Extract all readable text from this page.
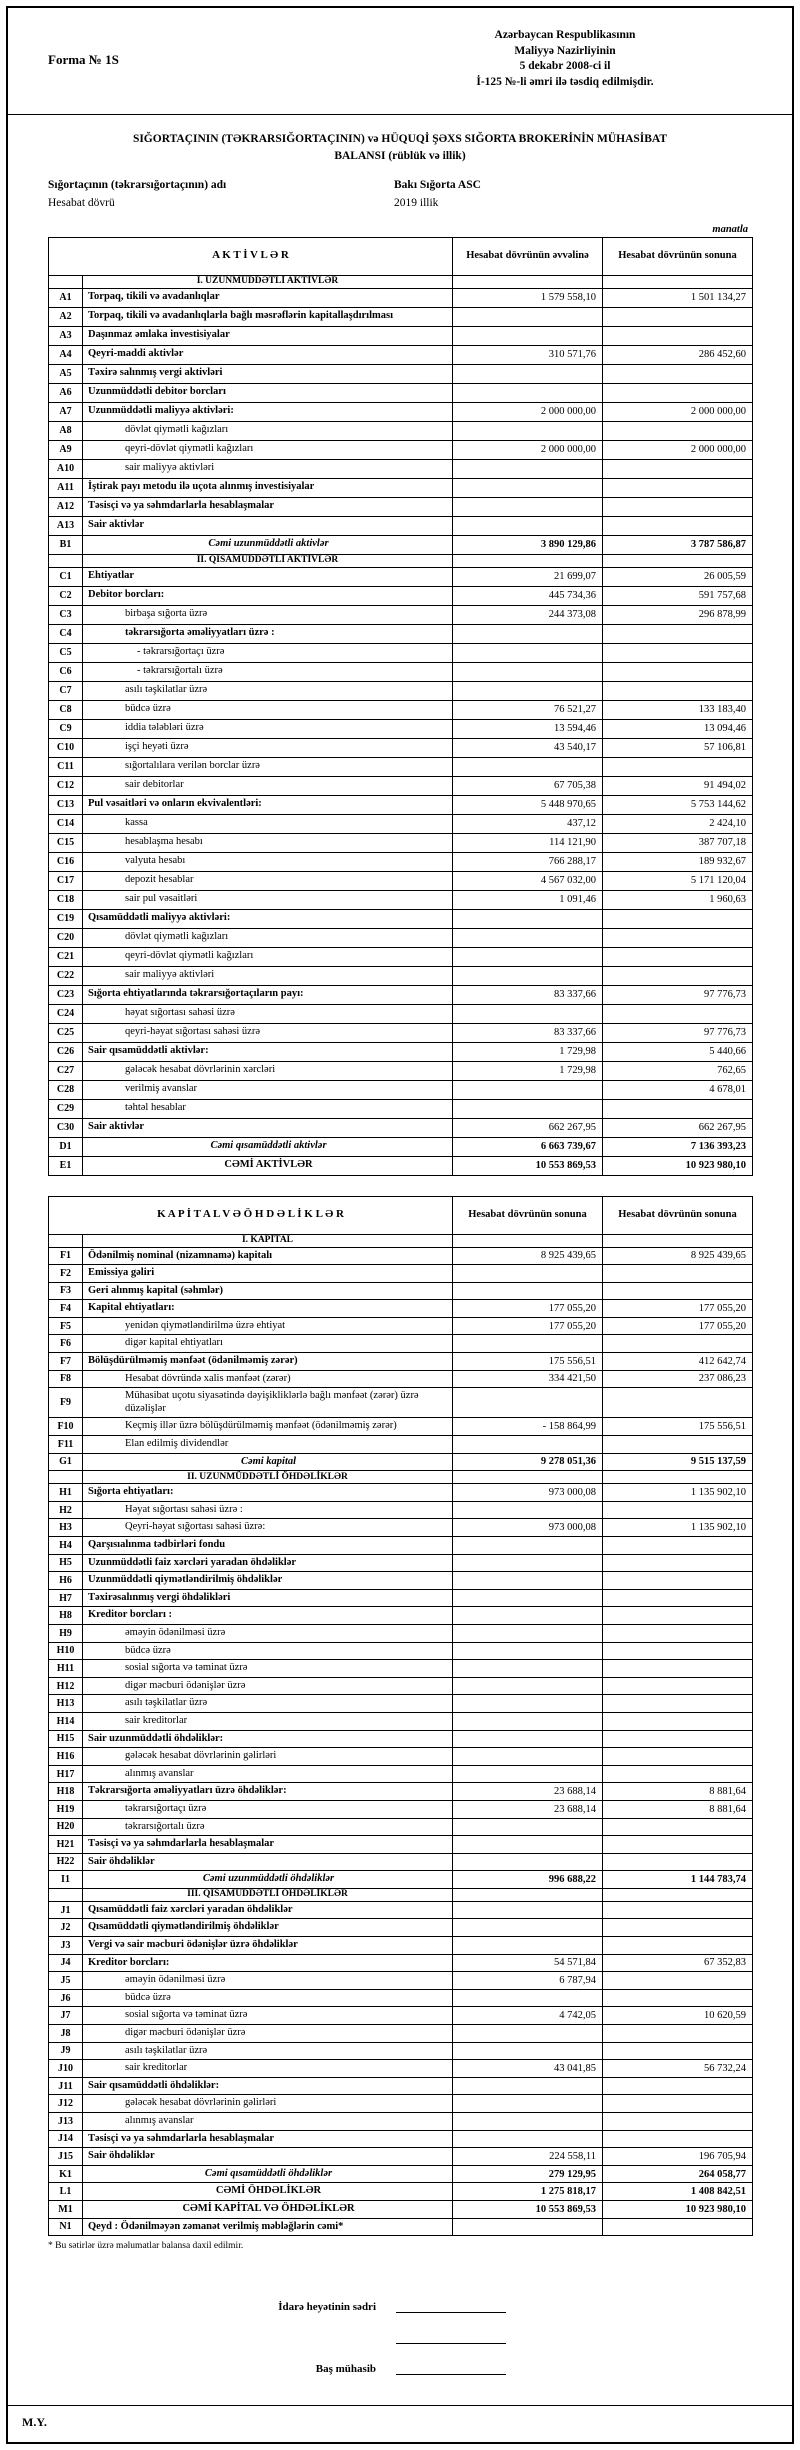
Forma № 1S
Azərbaycan Respublikasının
Maliyyə Nazirliyinin
5 dekabr 2008-ci il
İ-125 №-li əmri ilə təsdiq edilmişdir.
SIĞORTAÇININ (TƏKRARSIĞORTAÇININ) və HÜQUQİ ŞƏXS SIĞORTA BROKERİNİN MÜHASİBAT
BALANSI (rüblük və illik)
Sığortaçının (təkrarsığortaçının) adı	Bakı Sığorta ASC
Hesabat dövrü	2019 illik
manatla
A K T İ V L Ə R		Hesabat dövrünün əvvəlinə	Hesabat dövrünün sonuna
	I. UZUNMÜDDƏTLİ AKTİVLƏR		
A1	Torpaq, tikili və avadanlıqlar	1 579 558,10	1 501 134,27
A2	Torpaq, tikili və avadanlıqlarla bağlı məsrəflərin kapitallaşdırılması		
A3	Daşınmaz əmlaka investisiyalar		
A4	Qeyri-maddi aktivlər	310 571,76	286 452,60
A5	Təxirə salınmış vergi aktivləri		
A6	Uzunmüddətli debitor borcları		
A7	Uzunmüddətli maliyyə aktivləri:	2 000 000,00	2 000 000,00
A8	dövlət qiymətli kağızları		
A9	qeyri-dövlət qiymətli kağızları	2 000 000,00	2 000 000,00
A10	sair maliyyə aktivləri		
A11	İştirak payı metodu ilə uçota alınmış investisiyalar		
A12	Təsisçi və ya səhmdarlarla hesablaşmalar		
A13	Sair aktivlər		
B1	Cəmi uzunmüddətli aktivlər	3 890 129,86	3 787 586,87
	II. QISAMÜDDƏTLİ AKTİVLƏR		
C1	Ehtiyatlar	21 699,07	26 005,59
C2	Debitor borcları:	445 734,36	591 757,68
C3	birbaşa sığorta üzrə	244 373,08	296 878,99
C4	təkrarsığorta əməliyyatları üzrə :		
C5	- təkrarsığortaçı üzrə		
C6	- təkrarsığortalı üzrə		
C7	asılı təşkilatlar üzrə		
C8	büdcə üzrə	76 521,27	133 183,40
C9	iddia tələbləri üzrə	13 594,46	13 094,46
C10	işçi heyəti üzrə	43 540,17	57 106,81
C11	sığortalılara verilən borclar üzrə		
C12	sair debitorlar	67 705,38	91 494,02
C13	Pul vəsaitləri və onların ekvivalentləri:	5 448 970,65	5 753 144,62
C14	kassa	437,12	2 424,10
C15	hesablaşma hesabı	114 121,90	387 707,18
C16	valyuta hesabı	766 288,17	189 932,67
C17	depozit hesablar	4 567 032,00	5 171 120,04
C18	sair pul vəsaitləri	1 091,46	1 960,63
C19	Qısamüddətli maliyyə aktivləri:		
C20	dövlət qiymətli kağızları		
C21	qeyri-dövlət qiymətli kağızları		
C22	sair maliyyə aktivləri		
C23	Sığorta ehtiyatlarında təkrarsığortaçıların payı:	83 337,66	97 776,73
C24	həyat sığortası sahəsi üzrə		
C25	qeyri-həyat sığortası sahəsi üzrə	83 337,66	97 776,73
C26	Sair qısamüddətli aktivlər:	1 729,98	5 440,66
C27	gələcək hesabat dövrlərinin xərcləri	1 729,98	762,65
C28	verilmiş avanslar		4 678,01
C29	təhtəl hesablar		
C30	Sair aktivlər	662 267,95	662 267,95
D1	Cəmi qısamüddətli aktivlər	6 663 739,67	7 136 393,23
E1	CƏMİ AKTİVLƏR	10 553 869,53	10 923 980,10
K A P İ T A L V Ə Ö H D Ə L İ K L Ə R		Hesabat dövrünün sonuna	Hesabat dövrünün sonuna
	I. KAPİTAL		
F1	Ödənilmiş nominal (nizamnamə) kapitalı	8 925 439,65	8 925 439,65
F2	Emissiya gəliri		
F3	Geri alınmış kapital (səhmlər)		
F4	Kapital ehtiyatları:	177 055,20	177 055,20
F5	yenidən qiymətləndirilmə üzrə ehtiyat	177 055,20	177 055,20
F6	digər kapital ehtiyatları		
F7	Bölüşdürülməmiş mənfəət (ödənilməmiş zərər)	175 556,51	412 642,74
F8	Hesabat dövründə xalis mənfəət (zərər)	334 421,50	237 086,23
F9	Mühasibat uçotu siyasətində dəyişikliklərlə bağlı mənfəət (zərər) üzrə düzəlişlər		
F10	Keçmiş illər üzrə bölüşdürülməmiş mənfəət (ödənilməmiş zərər)	- 158 864,99	175 556,51
F11	Elan edilmiş dividendlər		
G1	Cəmi kapital	9 278 051,36	9 515 137,59
	II. UZUNMÜDDƏTLİ ÖHDƏLİKLƏR		
H1	Sığorta ehtiyatları:	973 000,08	1 135 902,10
H2	Həyat sığortası sahəsi üzrə :		
H3	Qeyri-həyat sığortası sahəsi üzrə:	973 000,08	1 135 902,10
H4	Qarşısıalınma tədbirləri fondu		
H5	Uzunmüddətli faiz xərcləri yaradan öhdəliklər		
H6	Uzunmüddətli qiymətləndirilmiş öhdəliklər		
H7	Təxirəsalınmış vergi öhdəlikləri		
H8	Kreditor borcları :		
H9	əməyin ödənilməsi üzrə		
H10	büdcə üzrə		
H11	sosial sığorta və təminat üzrə		
H12	digər məcburi ödənişlər üzrə		
H13	asılı təşkilatlar üzrə		
H14	sair kreditorlar		
H15	Sair uzunmüddətli öhdəliklər:		
H16	gələcək hesabat dövrlərinin gəlirləri		
H17	alınmış avanslar		
H18	Təkrarsığorta əməliyyatları üzrə öhdəliklər:	23 688,14	8 881,64
H19	təkrarsığortaçı üzrə	23 688,14	8 881,64
H20	təkrarsığortalı üzrə		
H21	Təsisçi və ya səhmdarlarla hesablaşmalar		
H22	Sair öhdəliklər		
I1	Cəmi uzunmüddətli öhdəliklər	996 688,22	1 144 783,74
	III. QISAMÜDDƏTLİ ÖHDƏLİKLƏR		
J1	Qısamüddətli faiz xərcləri yaradan öhdəliklər		
J2	Qısamüddətli qiymətləndirilmiş öhdəliklər		
J3	Vergi və sair məcburi ödənişlər üzrə öhdəliklər		
J4	Kreditor borcları:	54 571,84	67 352,83
J5	əməyin ödənilməsi üzrə	6 787,94	
J6	büdcə üzrə		
J7	sosial sığorta və təminat üzrə	4 742,05	10 620,59
J8	digər məcburi ödənişlər üzrə		
J9	asılı təşkilatlar üzrə		
J10	sair kreditorlar	43 041,85	56 732,24
J11	Sair qısamüddətli öhdəliklər:		
J12	gələcək hesabat dövrlərinin gəlirləri		
J13	alınmış avanslar		
J14	Təsisçi və ya səhmdarlarla hesablaşmalar		
J15	Sair öhdəliklər	224 558,11	196 705,94
K1	Cəmi qısamüddətli öhdəliklər	279 129,95	264 058,77
L1	CƏMİ ÖHDƏLİKLƏR	1 275 818,17	1 408 842,51
M1	CƏMİ KAPİTAL VƏ ÖHDƏLİKLƏR	10 553 869,53	10 923 980,10
N1	Qeyd : Ödənilməyən zəmanət verilmiş məbləğlərin cəmi*		
* Bu sətirlər üzrə məlumatlar balansa daxil edilmir.
İdarə heyətinin sədri
Baş mühasib
M.Y.
